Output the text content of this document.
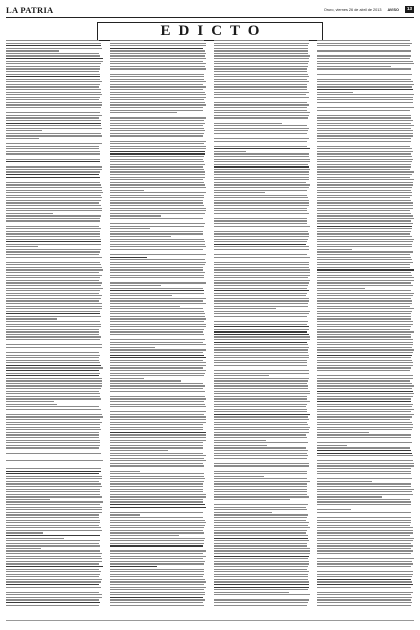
LA PATRIA	Oruro, viernes 26 de abril de 2013 AVISO	13
EDICTO
